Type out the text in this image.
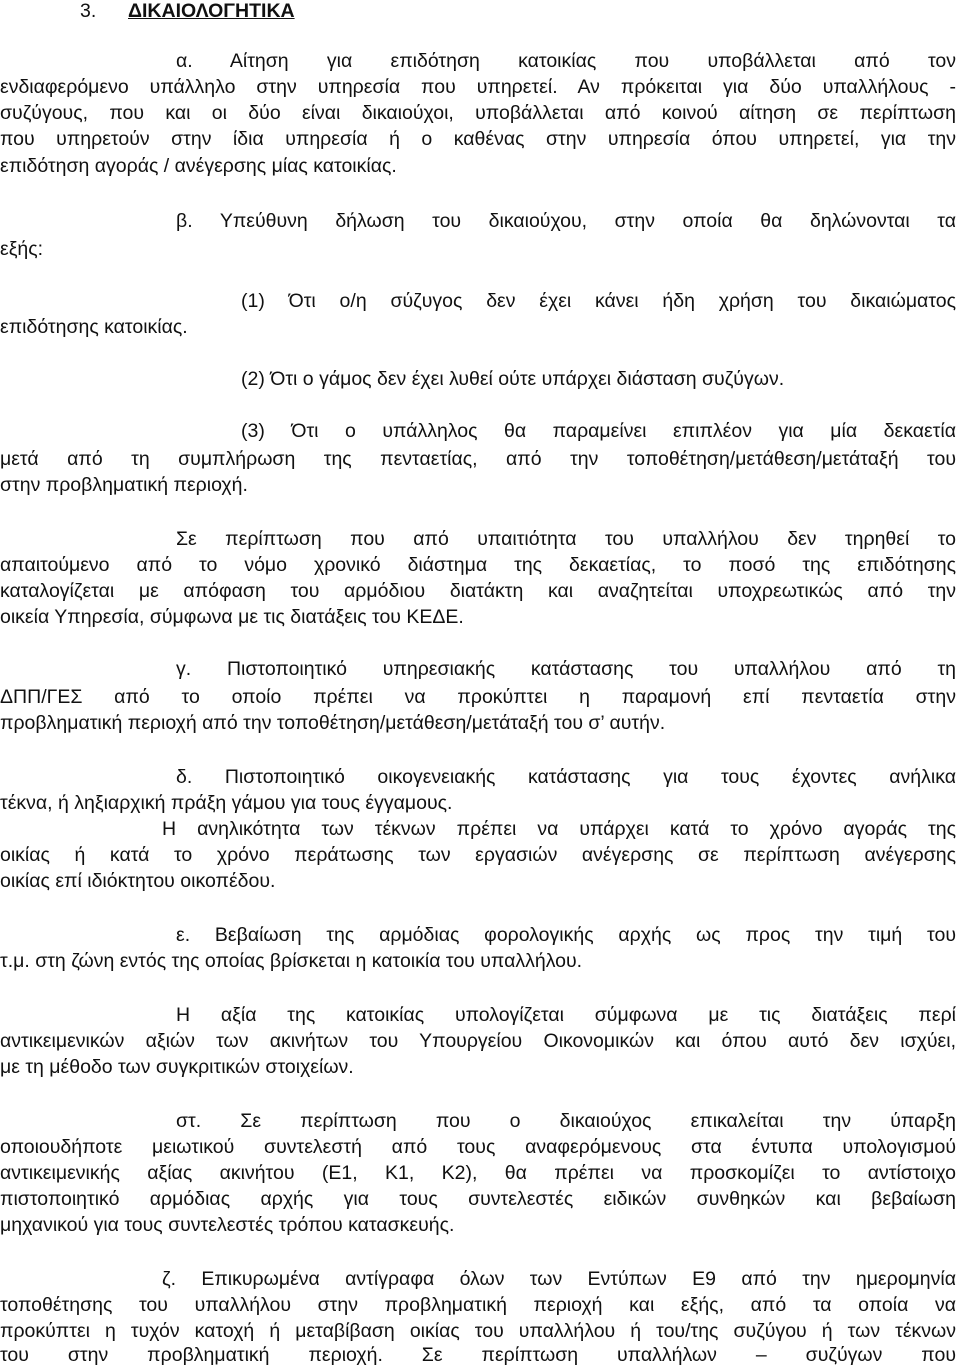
3. ΔΙΚΑΙΟΛΟΓΗΤΙΚΑ
α. Αίτηση για επιδότηση κατοικίας που υποβάλλεται από τον
ενδιαφερόμενο υπάλληλο στην υπηρεσία που υπηρετεί. Αν πρόκειται για δύο υπαλλήλους -
συζύγους, που και οι δύο είναι δικαιούχοι, υποβάλλεται από κοινού αίτηση σε περίπτωση
που υπηρετούν στην ίδια υπηρεσία ή ο καθένας στην υπηρεσία όπου υπηρετεί, για την
επιδότηση αγοράς / ανέγερσης μίας κατοικίας.
β. Υπεύθυνη δήλωση του δικαιούχου, στην οποία θα δηλώνονται τα
εξής:
(1) Ότι ο/η σύζυγος δεν έχει κάνει ήδη χρήση του δικαιώματος
επιδότησης κατοικίας.
(2) Ότι ο γάμος δεν έχει λυθεί ούτε υπάρχει διάσταση συζύγων.
(3) Ότι ο υπάλληλος θα παραμείνει επιπλέον για μία δεκαετία
μετά από τη συμπλήρωση της πενταετίας, από την τοποθέτηση/μετάθεση/μετάταξή του
στην προβληματική περιοχή.
Σε περίπτωση που από υπαιτιότητα του υπαλλήλου δεν τηρηθεί το
απαιτούμενο από το νόμο χρονικό διάστημα της δεκαετίας, το ποσό της επιδότησης
καταλογίζεται με απόφαση του αρμόδιου διατάκτη και αναζητείται υποχρεωτικώς από την
οικεία Υπηρεσία, σύμφωνα με τις διατάξεις του ΚΕΔΕ.
γ. Πιστοποιητικό υπηρεσιακής κατάστασης του υπαλλήλου από τη
ΔΠΠ/ΓΕΣ από το οποίο πρέπει να προκύπτει η παραμονή επί πενταετία στην
προβληματική περιοχή από την τοποθέτηση/μετάθεση/μετάταξή του σ’ αυτήν.
δ. Πιστοποιητικό οικογενειακής κατάστασης για τους έχοντες ανήλικα
τέκνα, ή ληξιαρχική πράξη γάμου για τους έγγαμους.
Η ανηλικότητα των τέκνων πρέπει να υπάρχει κατά το χρόνο αγοράς της
οικίας ή κατά το χρόνο περάτωσης των εργασιών ανέγερσης σε περίπτωση ανέγερσης
οικίας επί ιδιόκτητου οικοπέδου.
ε. Βεβαίωση της αρμόδιας φορολογικής αρχής ως προς την τιμή του
τ.μ. στη ζώνη εντός της οποίας βρίσκεται η κατοικία του υπαλλήλου.
Η αξία της κατοικίας υπολογίζεται σύμφωνα με τις διατάξεις περί
αντικειμενικών αξιών των ακινήτων του Υπουργείου Οικονομικών και όπου αυτό δεν ισχύει,
με τη μέθοδο των συγκριτικών στοιχείων.
στ. Σε περίπτωση που ο δικαιούχος επικαλείται την ύπαρξη
οποιουδήποτε μειωτικού συντελεστή από τους αναφερόμενους στα έντυπα υπολογισμού
αντικειμενικής αξίας ακινήτου (Ε1, Κ1, Κ2), θα πρέπει να προσκομίζει το αντίστοιχο
πιστοποιητικό αρμόδιας αρχής για τους συντελεστές ειδικών συνθηκών και βεβαίωση
μηχανικού για τους συντελεστές τρόπου κατασκευής.
ζ. Επικυρωμένα αντίγραφα όλων των Εντύπων Ε9 από την ημερομηνία
τοποθέτησης του υπαλλήλου στην προβληματική περιοχή και εξής, από τα οποία να
προκύπτει η τυχόν κατοχή ή μεταβίβαση οικίας του υπαλλήλου ή του/της συζύγου ή των τέκνων
του στην προβληματική περιοχή. Σε περίπτωση υπαλλήλων – συζύγων που
